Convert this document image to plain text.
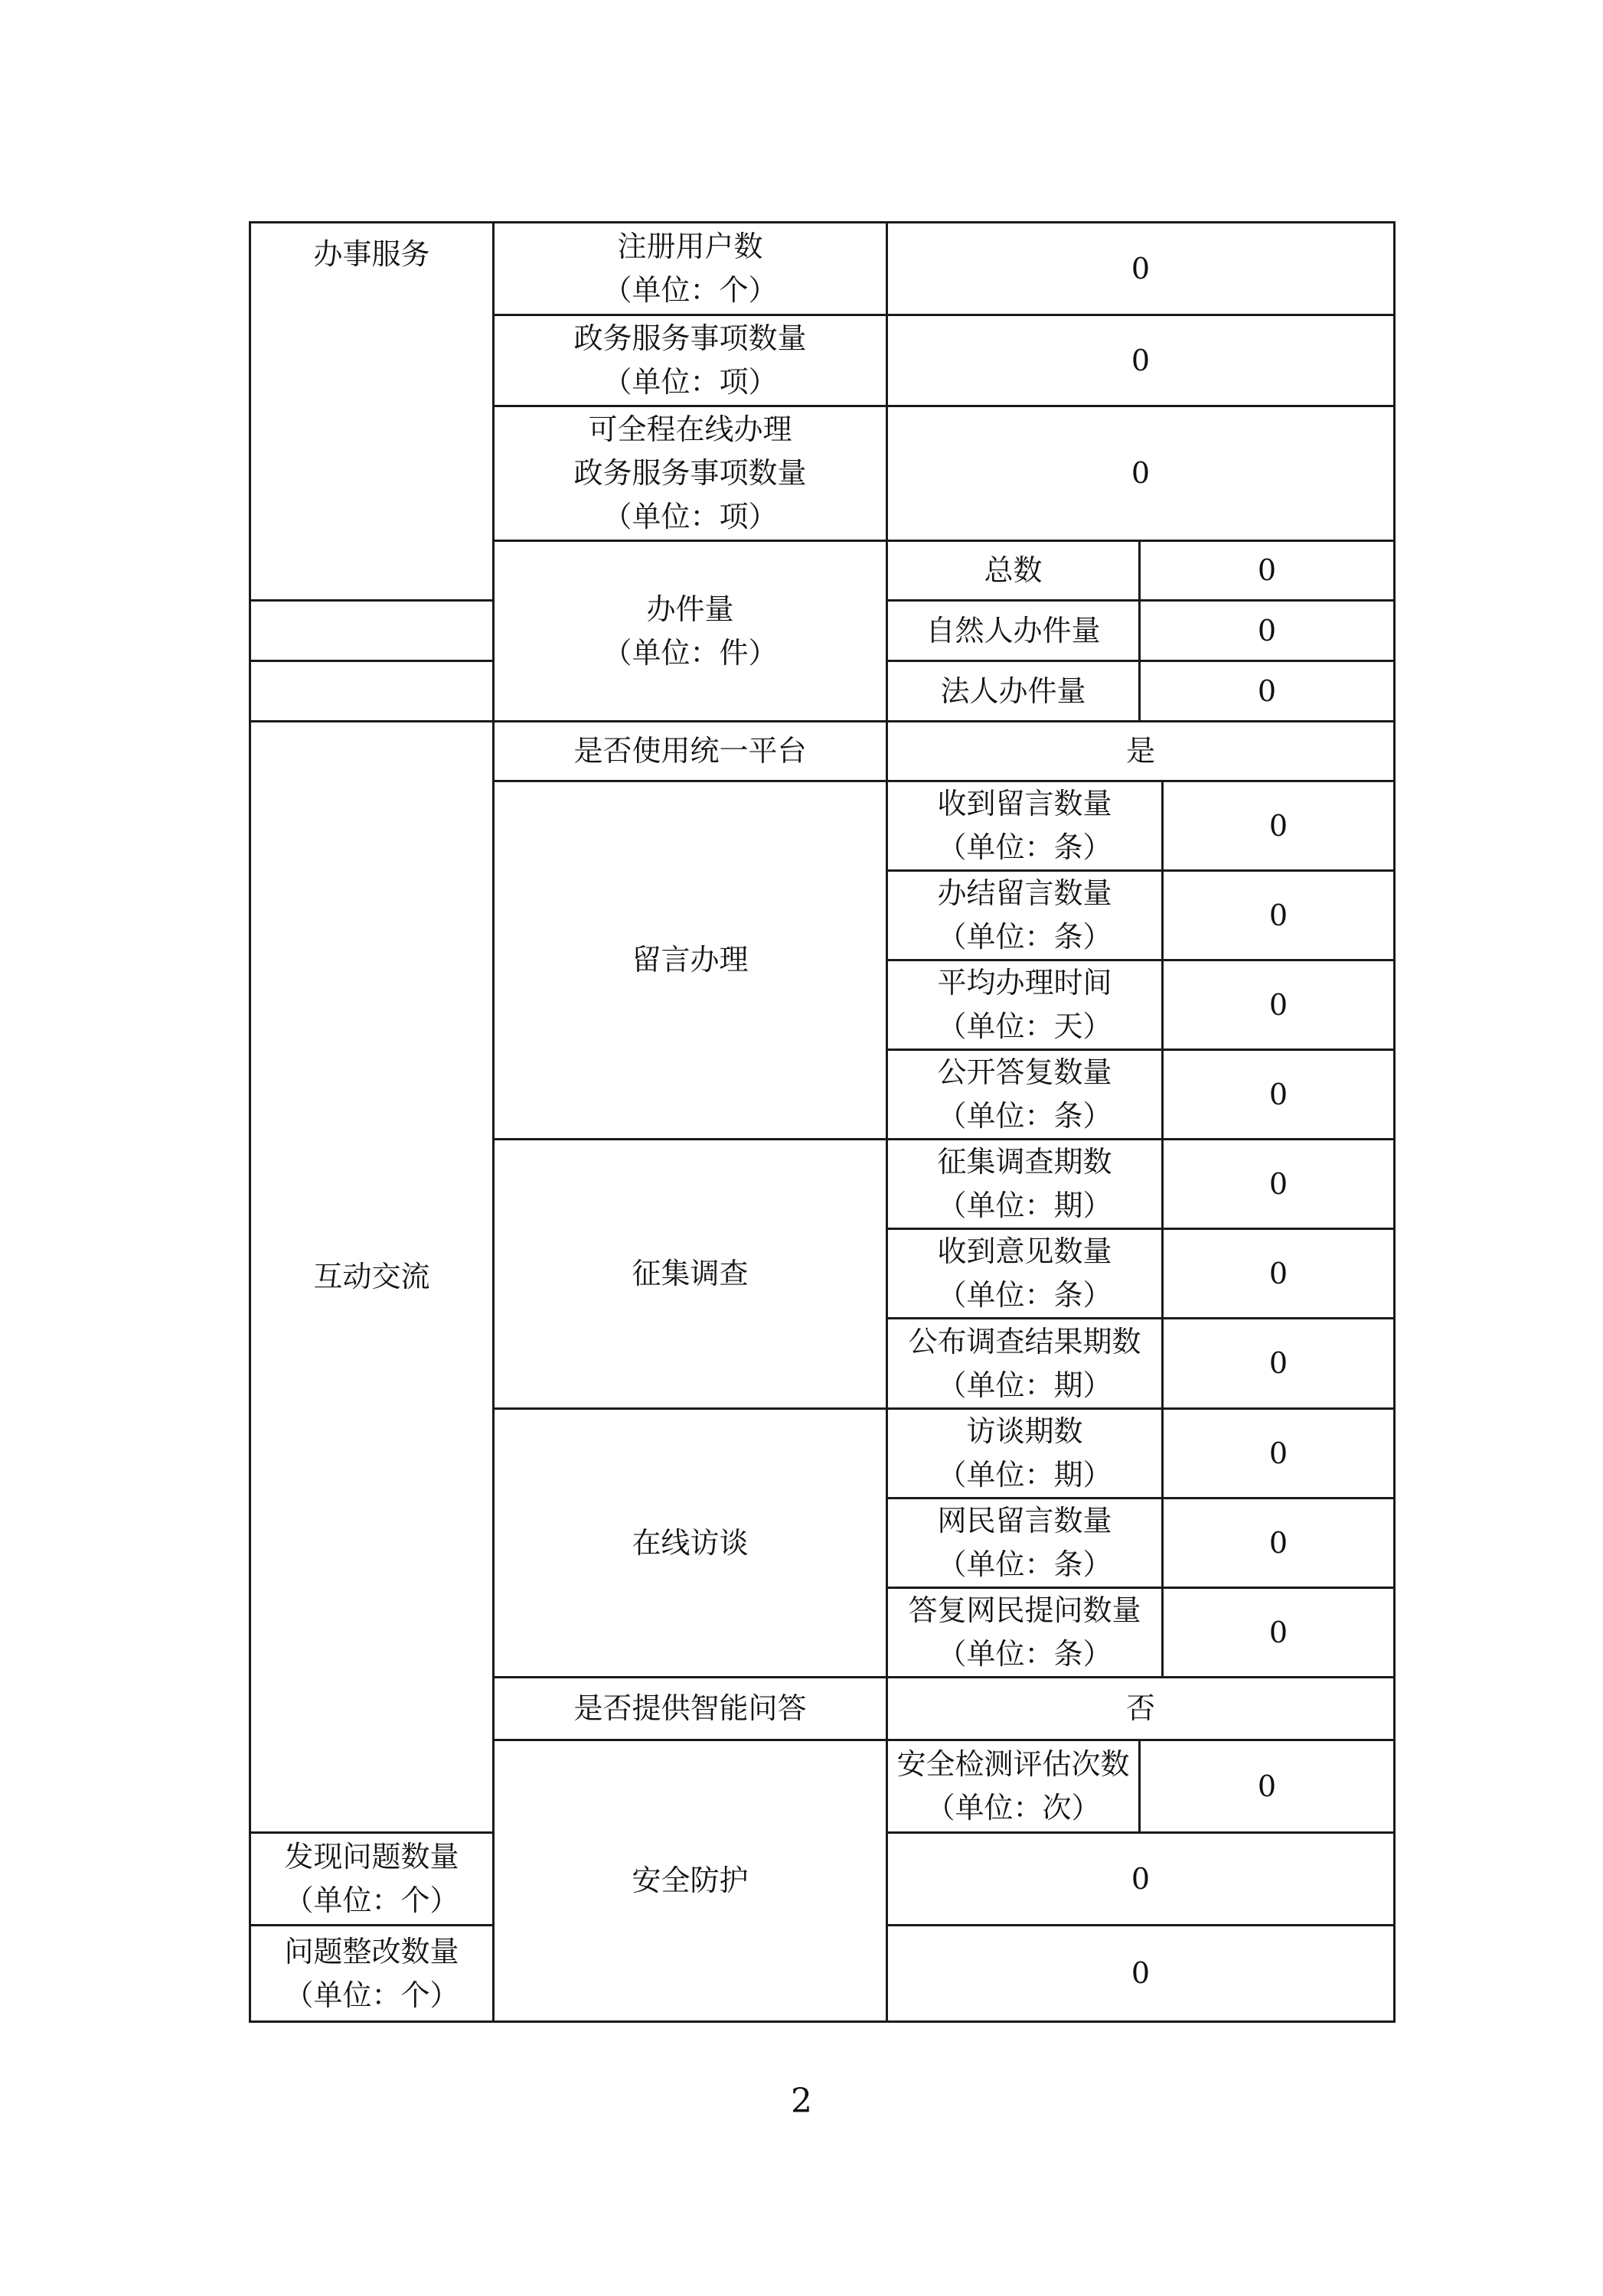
办事服务	注册用户数
（单位：个）	0		

	政务服务事项数量
（单位：项）	0		

	可全程在线办理
政务服务事项数量
（单位：项）	0		

	办件量
（单位：件）	总数	0	
		自然人办件量	0	
		法人办件量	0	
互动交流	是否使用统一平台	是		
	留言办理	收到留言数量
（单位：条）		0

		办结留言数量
（单位：条）		0

		平均办理时间
（单位：天）		0

		公开答复数量
（单位：条）		0
	征集调查	征集调查期数
（单位：期）		0

		收到意见数量
（单位：条）		0

		公布调查结果期数
（单位：期）		0
	在线访谈	访谈期数
（单位：期）		0

		网民留言数量
（单位：条）		0

		答复网民提问数量
（单位：条）		0
	是否提供智能问答	否		
	安全防护	安全检测评估次数
（单位：次）	0	

发现问题数量
（单位：个）		0		

问题整改数量
（单位：个）		0		
2
